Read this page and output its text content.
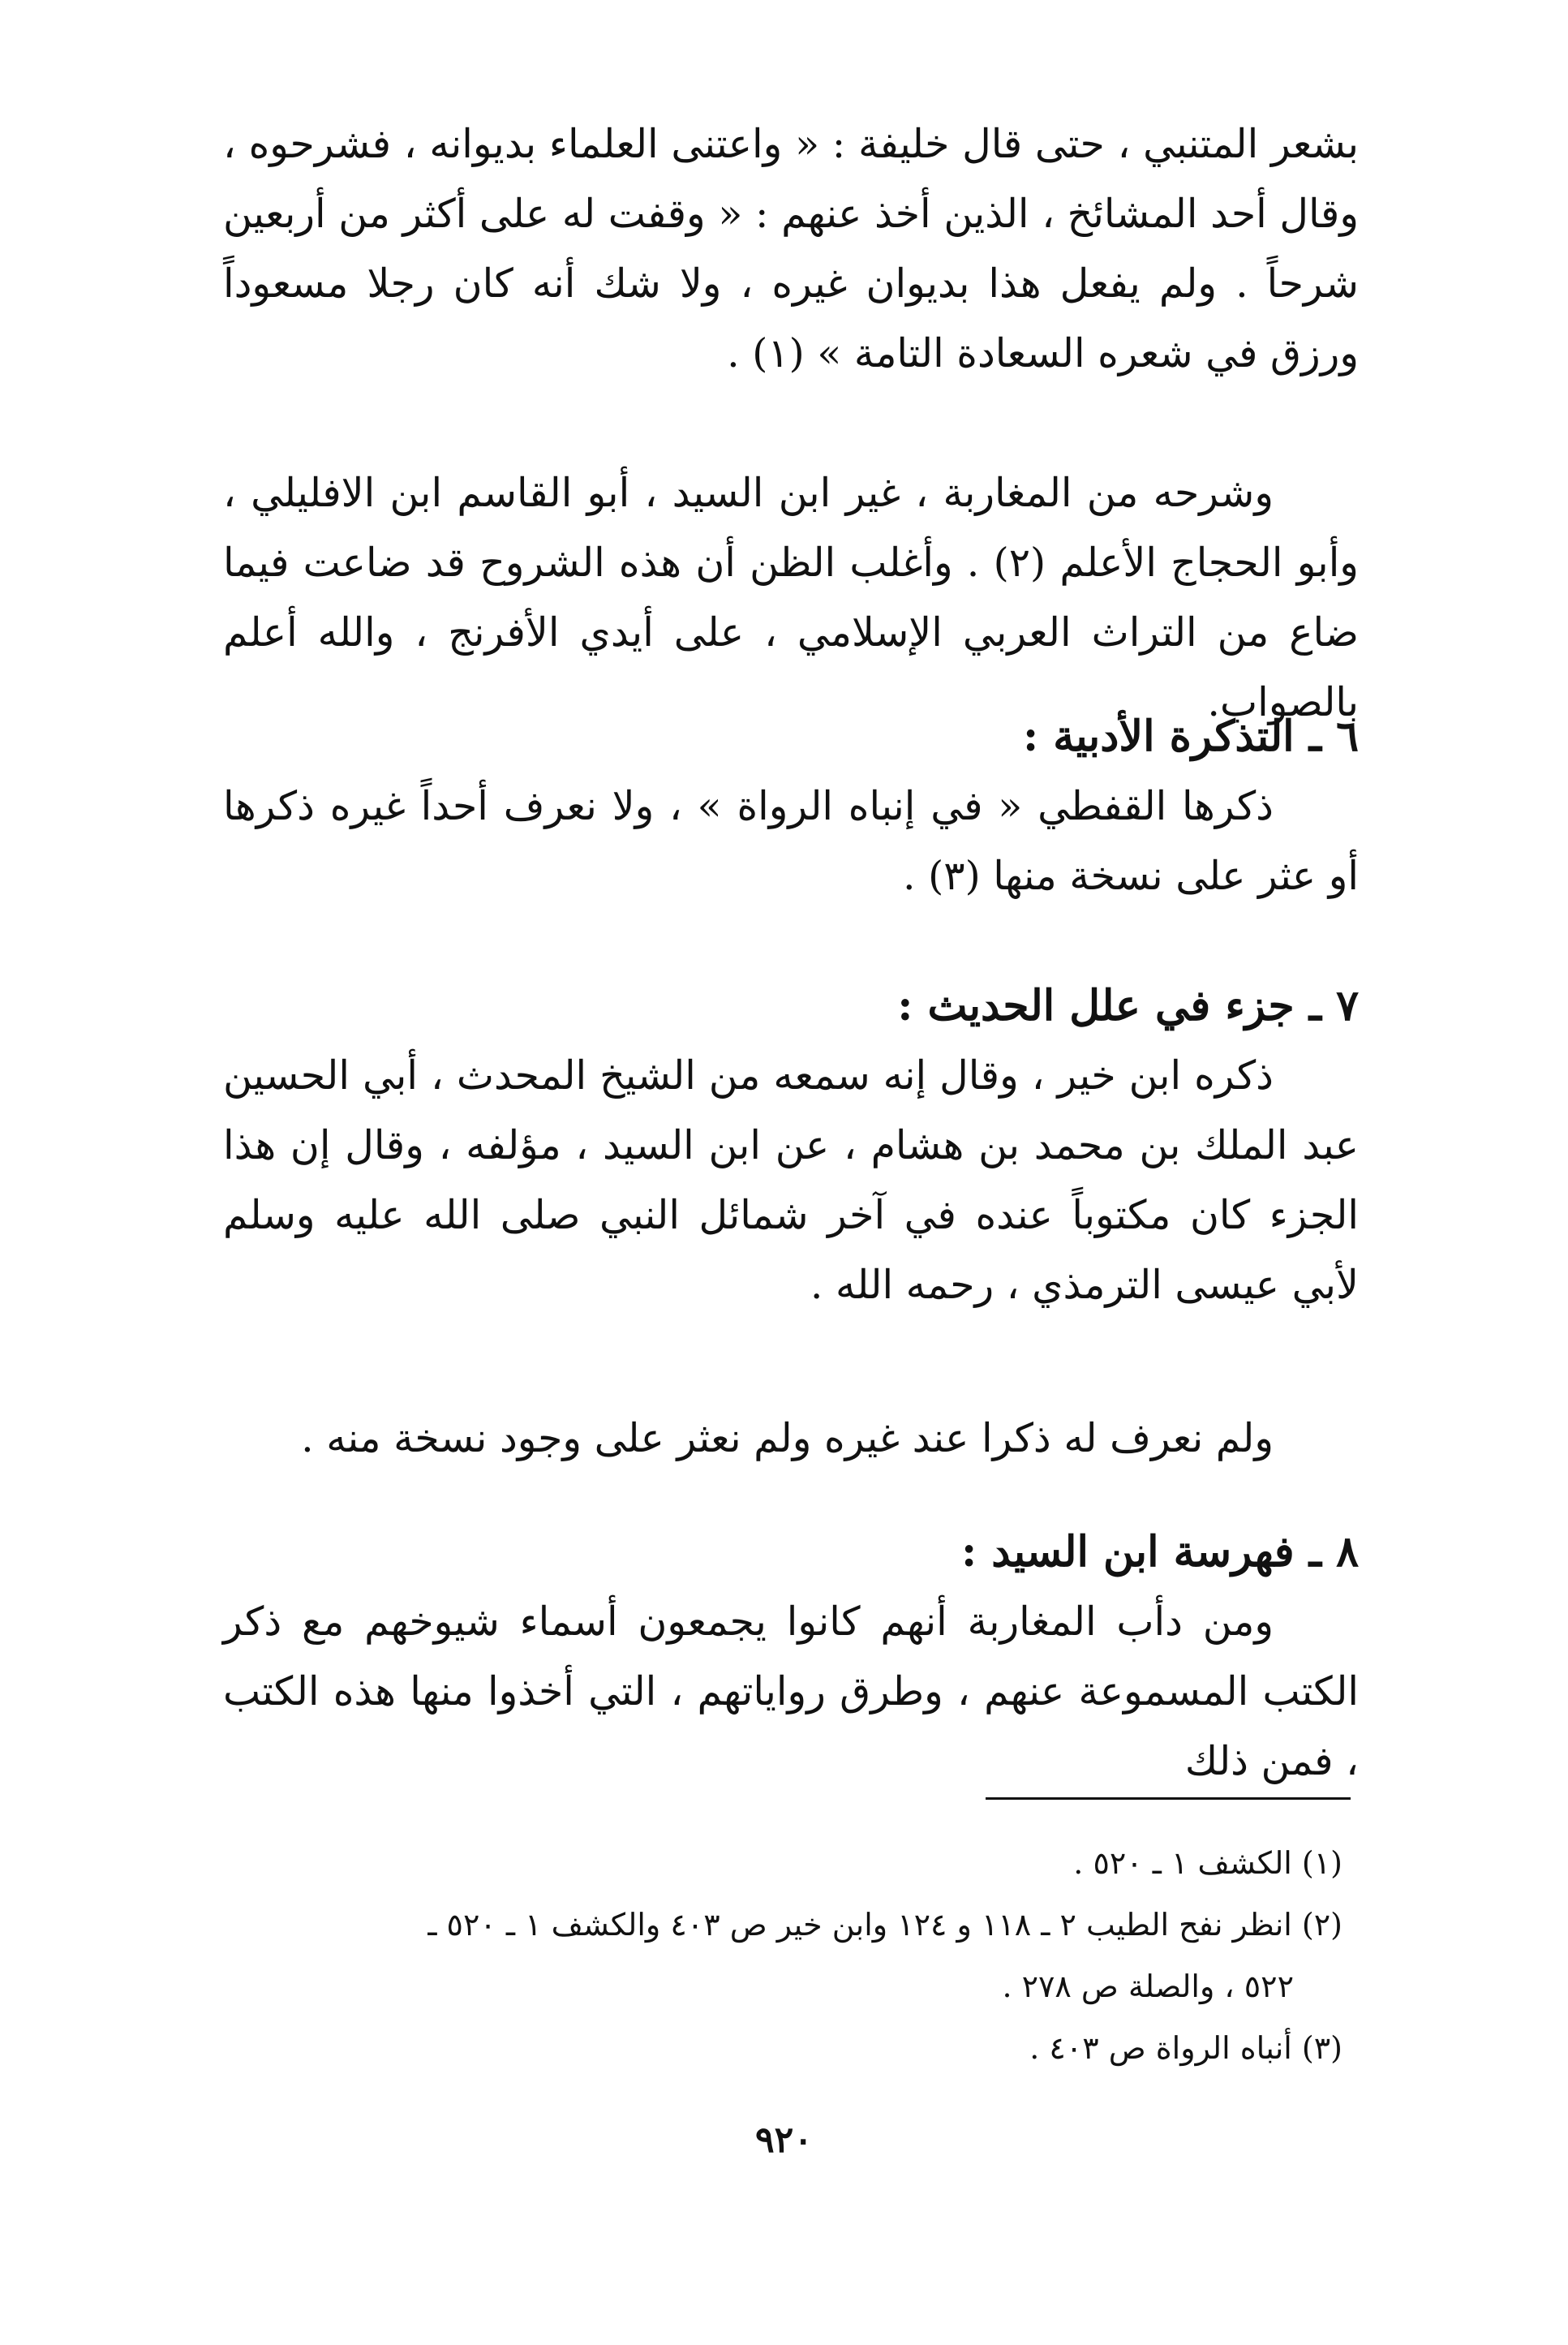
بشعر المتنبي ، حتى قال خليفة : « واعتنى العلماء بديوانه ، فشرحوه ، وقال أحد المشائخ ، الذين أخذ عنهم : « وقفت له على أكثر من أربعين شرحاً . ولم يفعل هذا بديوان غيره ، ولا شك أنه كان رجلا مسعوداً ورزق في شعره السعادة التامة » (١) .

وشرحه من المغاربة ، غير ابن السيد ، أبو القاسم ابن الافليلي ، وأبو الحجاج الأعلم (٢) . وأغلب الظن أن هذه الشروح قد ضاعت فيما ضاع من التراث العربي الإسلامي ، على أيدي الأفرنج ، والله أعلم بالصواب.

٦ ـ التذكرة الأدبية :

ذكرها القفطي « في إنباه الرواة » ، ولا نعرف أحداً غيره ذكرها أو عثر على نسخة منها (٣) .

٧ ـ جزء في علل الحديث :

ذكره ابن خير ، وقال إنه سمعه من الشيخ المحدث ، أبي الحسين عبد الملك بن محمد بن هشام ، عن ابن السيد ، مؤلفه ، وقال إن هذا الجزء كان مكتوباً عنده في آخر شمائل النبي صلى الله عليه وسلم لأبي عيسى الترمذي ، رحمه الله .

ولم نعرف له ذكرا عند غيره ولم نعثر على وجود نسخة منه .

٨ ـ فهرسة ابن السيد :

ومن دأب المغاربة أنهم كانوا يجمعون أسماء شيوخهم مع ذكر الكتب المسموعة عنهم ، وطرق رواياتهم ، التي أخذوا منها هذه الكتب ، فمن ذلك

(١) الكشف ١ ـ ٥٢٠ .

(٢) انظر نفح الطيب ٢ ـ ١١٨ و ١٢٤ وابن خير ص ٤٠٣ والكشف ١ ـ ٥٢٠ ـ

٥٢٢ ، والصلة ص ٢٧٨ .

(٣) أنباه الرواة ص ٤٠٣ .

٩٢٠
